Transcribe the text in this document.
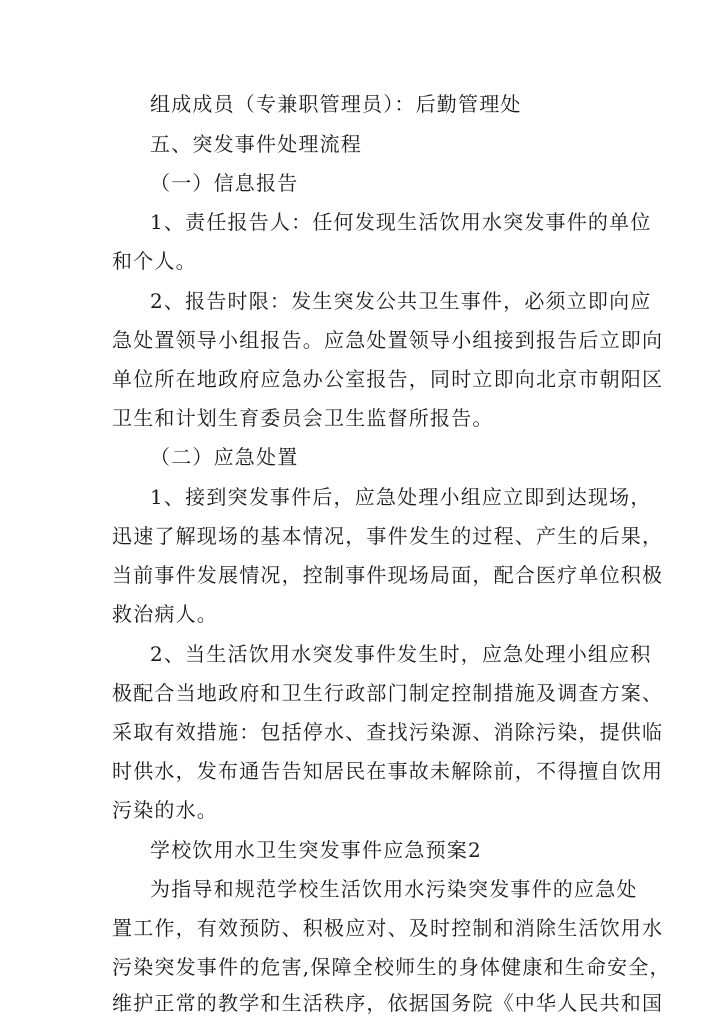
组成成员（专兼职管理员）：后勤管理处
五、突发事件处理流程
（一）信息报告
1、责任报告人：任何发现生活饮用水突发事件的单位
和个人。
2、报告时限：发生突发公共卫生事件，必须立即向应
急处置领导小组报告。应急处置领导小组接到报告后立即向
单位所在地政府应急办公室报告，同时立即向北京市朝阳区
卫生和计划生育委员会卫生监督所报告。
（二）应急处置
1、接到突发事件后，应急处理小组应立即到达现场，
迅速了解现场的基本情况，事件发生的过程、产生的后果，
当前事件发展情况，控制事件现场局面，配合医疗单位积极
救治病人。
2、当生活饮用水突发事件发生时，应急处理小组应积
极配合当地政府和卫生行政部门制定控制措施及调查方案、
采取有效措施：包括停水、查找污染源、消除污染，提供临
时供水，发布通告告知居民在事故未解除前，不得擅自饮用
污染的水。
学校饮用水卫生突发事件应急预案2
为指导和规范学校生活饮用水污染突发事件的应急处
置工作，有效预防、积极应对、及时控制和消除生活饮用水
污染突发事件的危害,保障全校师生的身体健康和生命安全，
维护正常的教学和生活秩序，依据国务院《中华人民共和国
